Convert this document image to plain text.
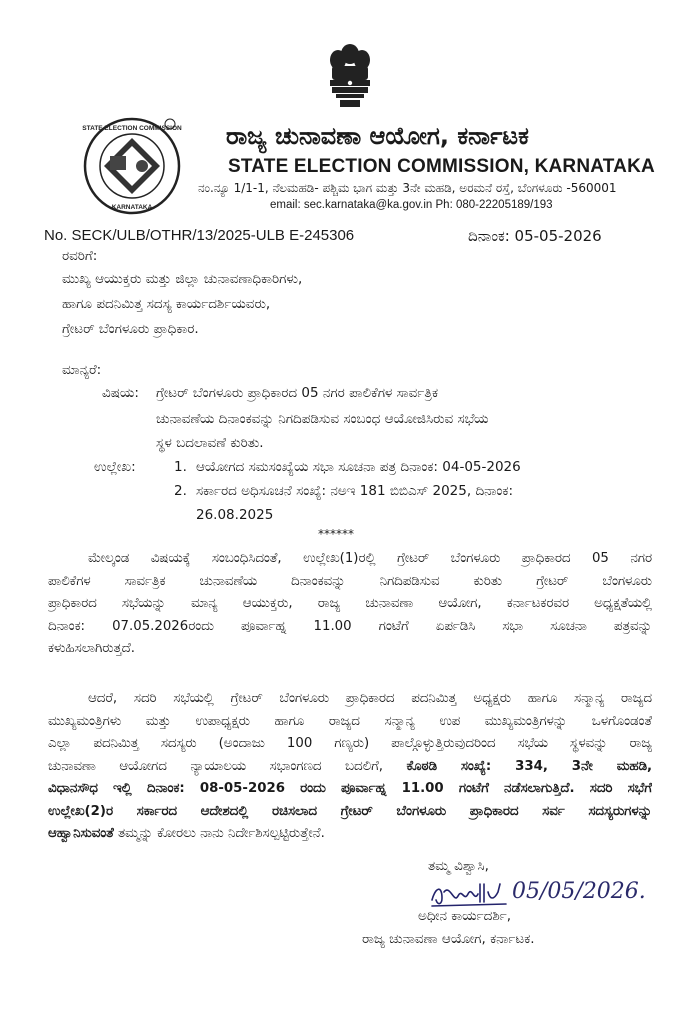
STATE ELECTION COMMISSION
KARNATAKA
ರಾಜ್ಯ ಚುನಾವಣಾ ಆಯೋಗ, ಕರ್ನಾಟಕ
STATE ELECTION COMMISSION, KARNATAKA
ನಂ.ನ್ಯೂ 1/1-1, ನೆಲಮಹಡಿ- ಪಶ್ಚಿಮ ಭಾಗ ಮತ್ತು 3ನೇ ಮಹಡಿ, ಅರಮನೆ ರಸ್ತೆ, ಬೆಂಗಳೂರು -560001
email: sec.karnataka@ka.gov.in Ph: 080-22205189/193
No. SECK/ULB/OTHR/13/2025-ULB E-245306	ದಿನಾಂಕ: 05-05-2026
ರವರಿಗೆ:
ಮುಖ್ಯ ಆಯುಕ್ತರು ಮತ್ತು ಜಿಲ್ಲಾ ಚುನಾವಣಾಧಿಕಾರಿಗಳು,
ಹಾಗೂ ಪದನಿಮಿತ್ತ ಸದಸ್ಯ ಕಾರ್ಯದರ್ಶಿಯವರು,
ಗ್ರೇಟರ್ ಬೆಂಗಳೂರು ಪ್ರಾಧಿಕಾರ.
ಮಾನ್ಯರೆ:
ವಿಷಯ: ಗ್ರೇಟರ್ ಬೆಂಗಳೂರು ಪ್ರಾಧಿಕಾರದ 05 ನಗರ ಪಾಲಿಕೆಗಳ ಸಾರ್ವತ್ರಿಕ
ಚುನಾವಣೆಯ ದಿನಾಂಕವನ್ನು ನಿಗದಿಪಡಿಸುವ ಸಂಬಂಧ ಆಯೋಜಿಸಿರುವ ಸಭೆಯ
ಸ್ಥಳ ಬದಲಾವಣೆ ಕುರಿತು.
ಉಲ್ಲೇಖ:	1. ಆಯೋಗದ ಸಮಸಂಖ್ಯೆಯ ಸಭಾ ಸೂಚನಾ ಪತ್ರ ದಿನಾಂಕ: 04-05-2026
2. ಸರ್ಕಾರದ ಅಧಿಸೂಚನೆ ಸಂಖ್ಯೆ: ನಅಇ 181 ಬಿಬಿಎಸ್ 2025, ದಿನಾಂಕ:
26.08.2025
******
ಮೇಲ್ಕಂಡ ವಿಷಯಕ್ಕೆ ಸಂಬಂಧಿಸಿದಂತೆ, ಉಲ್ಲೇಖ(1)ರಲ್ಲಿ ಗ್ರೇಟರ್ ಬೆಂಗಳೂರು ಪ್ರಾಧಿಕಾರದ 05 ನಗರ
ಪಾಲಿಕೆಗಳ ಸಾರ್ವತ್ರಿಕ ಚುನಾವಣೆಯ ದಿನಾಂಕವನ್ನು ನಿಗದಿಪಡಿಸುವ ಕುರಿತು ಗ್ರೇಟರ್ ಬೆಂಗಳೂರು
ಪ್ರಾಧಿಕಾರದ ಸಭೆಯನ್ನು ಮಾನ್ಯ ಆಯುಕ್ತರು, ರಾಜ್ಯ ಚುನಾವಣಾ ಆಯೋಗ, ಕರ್ನಾಟಕರವರ ಅಧ್ಯಕ್ಷತೆಯಲ್ಲಿ
ದಿನಾಂಕ: 07.05.2026ರಂದು ಪೂರ್ವಾಹ್ನ 11.00 ಗಂಟೆಗೆ ಏರ್ಪಡಿಸಿ ಸಭಾ ಸೂಚನಾ ಪತ್ರವನ್ನು
ಕಳುಹಿಸಲಾಗಿರುತ್ತದೆ.
ಆದರೆ, ಸದರಿ ಸಭೆಯಲ್ಲಿ ಗ್ರೇಟರ್ ಬೆಂಗಳೂರು ಪ್ರಾಧಿಕಾರದ ಪದನಿಮಿತ್ತ ಅಧ್ಯಕ್ಷರು ಹಾಗೂ ಸನ್ಮಾನ್ಯ ರಾಜ್ಯದ
ಮುಖ್ಯಮಂತ್ರಿಗಳು ಮತ್ತು ಉಪಾಧ್ಯಕ್ಷರು ಹಾಗೂ ರಾಜ್ಯದ ಸನ್ಮಾನ್ಯ ಉಪ ಮುಖ್ಯಮಂತ್ರಿಗಳನ್ನು ಒಳಗೊಂಡಂತೆ
ಎಲ್ಲಾ ಪದನಿಮಿತ್ತ ಸದಸ್ಯರು (ಅಂದಾಜು 100 ಗಣ್ಯರು) ಪಾಲ್ಗೊಳ್ಳುತ್ತಿರುವುದರಿಂದ ಸಭೆಯ ಸ್ಥಳವನ್ನು ರಾಜ್ಯ
ಚುನಾವಣಾ ಆಯೋಗದ ನ್ಯಾಯಾಲಯ ಸಭಾಂಗಣದ ಬದಲಿಗೆ, ಕೊಠಡಿ ಸಂಖ್ಯೆ: 334, 3ನೇ ಮಹಡಿ,
ವಿಧಾನಸೌಧ ಇಲ್ಲಿ ದಿನಾಂಕ: 08-05-2026 ರಂದು ಪೂರ್ವಾಹ್ನ 11.00 ಗಂಟೆಗೆ ನಡೆಸಲಾಗುತ್ತಿದೆ. ಸದರಿ ಸಭೆಗೆ
ಉಲ್ಲೇಖ(2)ರ ಸರ್ಕಾರದ ಆದೇಶದಲ್ಲಿ ರಚಿಸಲಾದ ಗ್ರೇಟರ್ ಬೆಂಗಳೂರು ಪ್ರಾಧಿಕಾರದ ಸರ್ವ ಸದಸ್ಯರುಗಳನ್ನು
ಆಹ್ವಾನಿಸುವಂತೆ ತಮ್ಮನ್ನು ಕೋರಲು ನಾನು ನಿರ್ದೇಶಿಸಲ್ಪಟ್ಟಿರುತ್ತೇನೆ.
ತಮ್ಮ ವಿಶ್ವಾಸಿ,
05/05/2026.
ಅಧೀನ ಕಾರ್ಯದರ್ಶಿ,
ರಾಜ್ಯ ಚುನಾವಣಾ ಆಯೋಗ, ಕರ್ನಾಟಕ.
